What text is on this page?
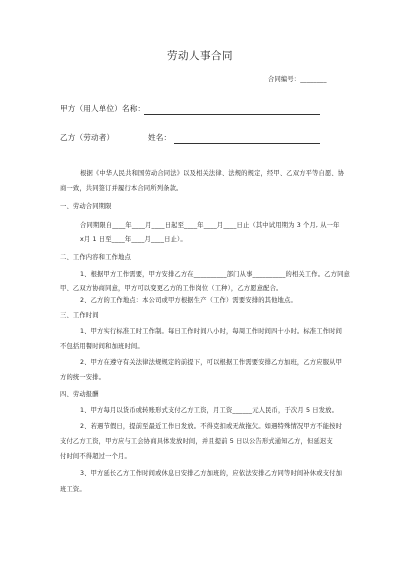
劳动人事合同
合同编号：________
甲方（用人单位）名称：
乙方（劳动者）	姓名：
根据《中华人民共和国劳动合同法》以及相关法律、法规的规定，经甲、乙双方平等自愿、协
商一致，共同签订并履行本合同所列条款。
一、劳动合同期限
合同期限自____年____月____日起至____年____月____日止（其中试用期为 3 个月, 从一年
x月 1 日至____年____月____日止）。
二、工作内容和工作地点
1、根据甲方工作需要，甲方安排乙方在__________部门从事__________的相关工作。乙方同意
甲、乙双方协商同意，甲方可以变更乙方的工作岗位（工种），乙方愿意配合。
2、乙方的工作地点：本公司或甲方根据生产（工作）需要安排的其他地点。
三、工作时间
1、甲方实行标准工时工作制。每日工作时间八小时，每周工作时间四十小时。标准工作时间
不包括用餐时间和加班时间。
2、甲方在遵守有关法律法规规定的前提下，可以根据工作需要安排乙方加班，乙方应服从甲
方的统一安排。
四、劳动报酬
1、甲方每月以货币或转账形式支付乙方工资，月工资______元人民币，于次月 5 日发放。
2、若遇节假日，提前至最近工作日发放。不得克扣或无故拖欠。如遇特殊情况甲方不能按时
支付乙方工资，甲方应与工会协商具体发放时间，并且提前 5 日以公告形式通知乙方，但延迟支
付时间不得超过一个月。
3、甲方延长乙方工作时间或休息日安排乙方加班的，应依法安排乙方同等时间补休或支付加
班工资。
